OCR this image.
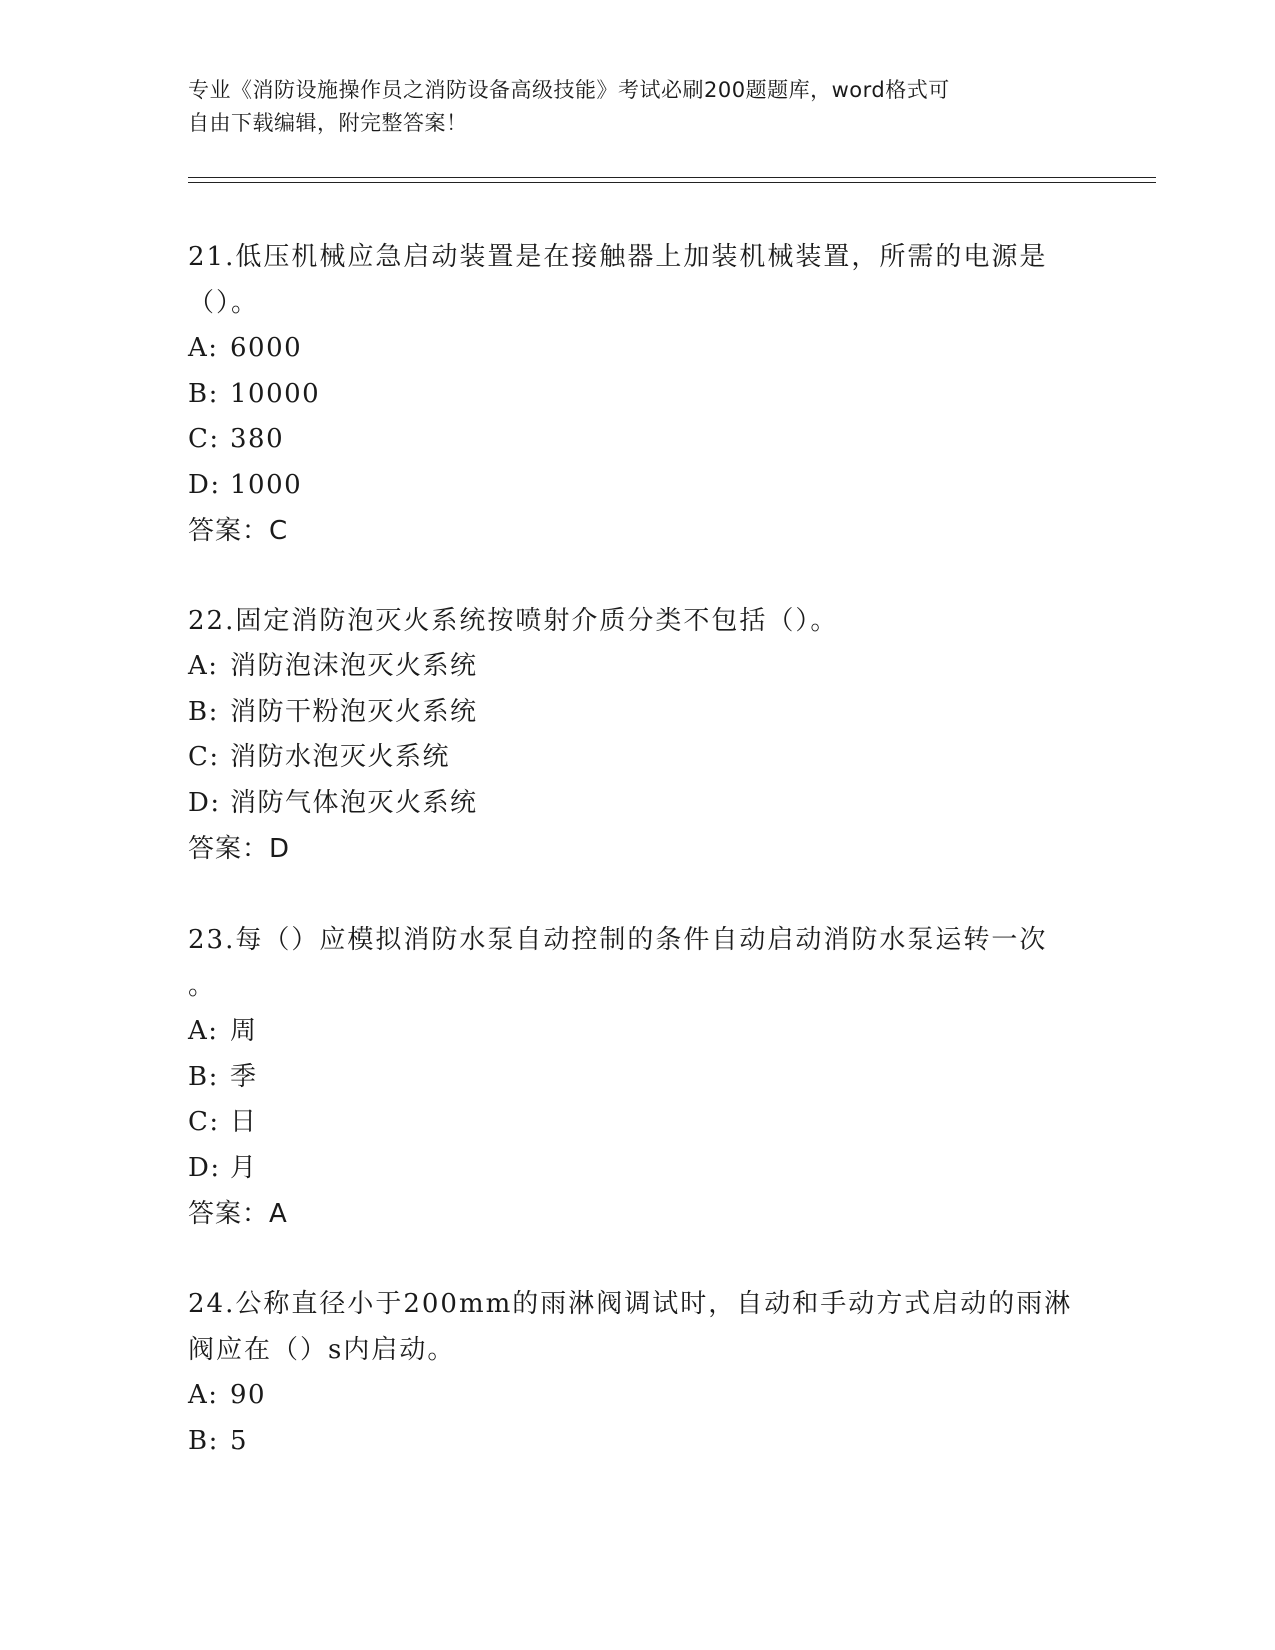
专业《消防设施操作员之消防设备高级技能》考试必刷200题题库，word格式可
自由下载编辑，附完整答案！
21.低压机械应急启动装置是在接触器上加装机械装置，所需的电源是
（）。
A: 6000
B: 10000
C: 380
D: 1000
答案：C
22.固定消防泡灭火系统按喷射介质分类不包括（）。
A: 消防泡沫泡灭火系统
B: 消防干粉泡灭火系统
C: 消防水泡灭火系统
D: 消防气体泡灭火系统
答案：D
23.每（）应模拟消防水泵自动控制的条件自动启动消防水泵运转一次
。
A: 周
B: 季
C: 日
D: 月
答案：A
24.公称直径小于200mm的雨淋阀调试时，自动和手动方式启动的雨淋
阀应在（）s内启动。
A: 90
B: 5
